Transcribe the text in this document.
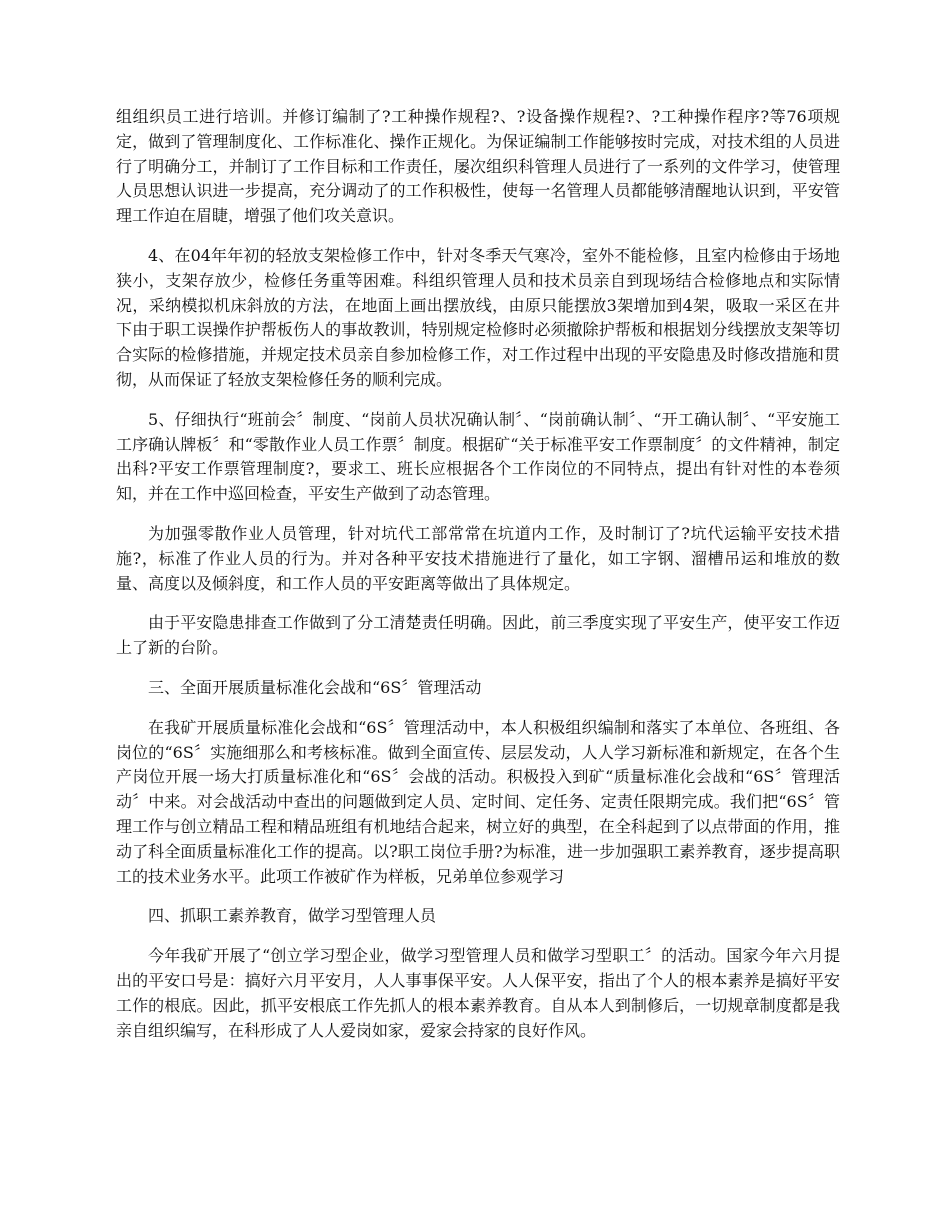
组组织员工进行培训。并修订编制了?工种操作规程?、?设备操作规程?、?工种操作程序?等76项规定，做到了管理制度化、工作标准化、操作正规化。为保证编制工作能够按时完成，对技术组的人员进行了明确分工，并制订了工作目标和工作责任，屡次组织科管理人员进行了一系列的文件学习，使管理人员思想认识进一步提高，充分调动了的工作积极性，使每一名管理人员都能够清醒地认识到，平安管理工作迫在眉睫，增强了他们攻关意识。

4、在04年年初的轻放支架检修工作中，针对冬季天气寒冷，室外不能检修，且室内检修由于场地狭小，支架存放少，检修任务重等困难。科组织管理人员和技术员亲自到现场结合检修地点和实际情况，采纳模拟机床斜放的方法，在地面上画出摆放线，由原只能摆放3架增加到4架，吸取一采区在井下由于职工误操作护帮板伤人的事故教训，特别规定检修时必须撤除护帮板和根据划分线摆放支架等切合实际的检修措施，并规定技术员亲自参加检修工作，对工作过程中出现的平安隐患及时修改措施和贯彻，从而保证了轻放支架检修任务的顺利完成。

5、仔细执行“班前会〞制度、“岗前人员状况确认制〞、“岗前确认制〞、“开工确认制〞、“平安施工工序确认牌板〞和“零散作业人员工作票〞制度。根据矿“关于标准平安工作票制度〞的文件精神，制定出科?平安工作票管理制度?，要求工、班长应根据各个工作岗位的不同特点，提出有针对性的本卷须知，并在工作中巡回检查，平安生产做到了动态管理。

为加强零散作业人员管理，针对坑代工部常常在坑道内工作，及时制订了?坑代运输平安技术措施?，标准了作业人员的行为。并对各种平安技术措施进行了量化，如工字钢、溜槽吊运和堆放的数量、高度以及倾斜度，和工作人员的平安距离等做出了具体规定。

由于平安隐患排查工作做到了分工清楚责任明确。因此，前三季度实现了平安生产，使平安工作迈上了新的台阶。

三、全面开展质量标准化会战和“6S〞管理活动

在我矿开展质量标准化会战和“6S〞管理活动中，本人积极组织编制和落实了本单位、各班组、各岗位的“6S〞实施细那么和考核标准。做到全面宣传、层层发动，人人学习新标准和新规定，在各个生产岗位开展一场大打质量标准化和“6S〞会战的活动。积极投入到矿“质量标准化会战和“6S〞管理活动〞中来。对会战活动中查出的问题做到定人员、定时间、定任务、定责任限期完成。我们把“6S〞管理工作与创立精品工程和精品班组有机地结合起来，树立好的典型，在全科起到了以点带面的作用，推动了科全面质量标准化工作的提高。以?职工岗位手册?为标准，进一步加强职工素养教育，逐步提高职工的技术业务水平。此项工作被矿作为样板，兄弟单位参观学习

四、抓职工素养教育，做学习型管理人员

今年我矿开展了“创立学习型企业，做学习型管理人员和做学习型职工〞的活动。国家今年六月提出的平安口号是：搞好六月平安月，人人事事保平安。人人保平安，指出了个人的根本素养是搞好平安工作的根底。因此，抓平安根底工作先抓人的根本素养教育。自从本人到制修后，一切规章制度都是我亲自组织编写，在科形成了人人爱岗如家，爱家会持家的良好作风。
